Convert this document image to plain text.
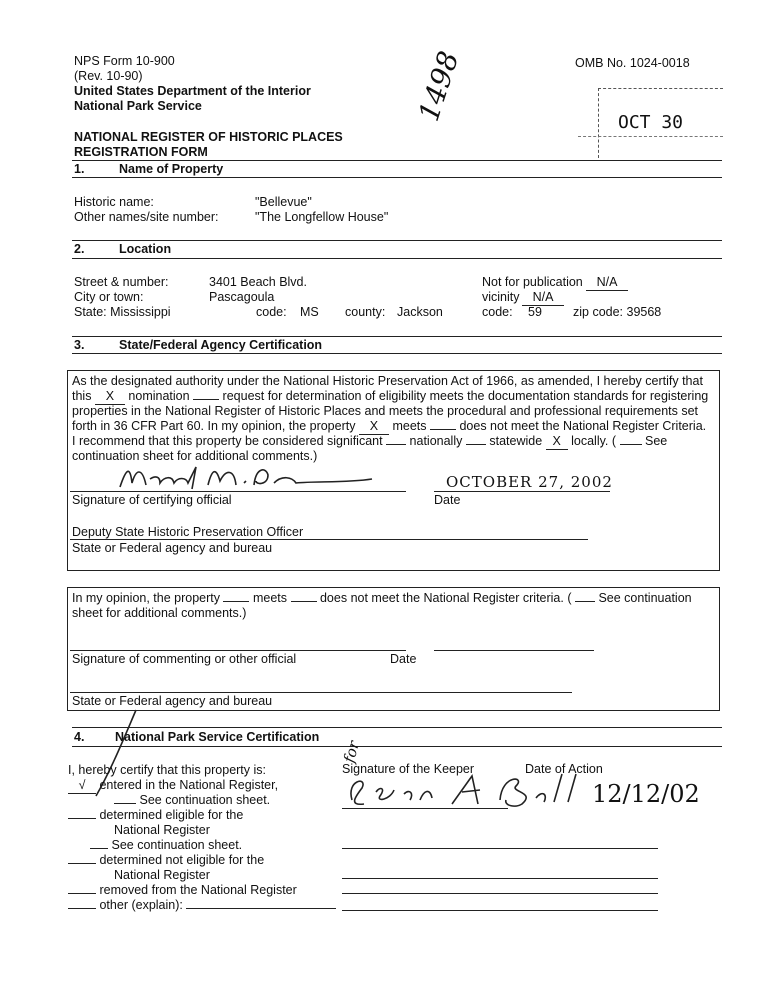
NPS Form 10-900
(Rev. 10-90)
United States Department of the Interior
National Park Service
OMB No. 1024-0018
1498	OCT 30
NATIONAL REGISTER OF HISTORIC PLACES
REGISTRATION FORM
1.	Name of Property
Historic name:	"Bellevue"
Other names/site number:	"The Longfellow House"
2.	Location
Street & number:	3401 Beach Blvd.
City or town:	Pascagoula
State: Mississippi	code: MS county: Jackson
Not for publication	N/A
vicinity	N/A
code: 59 zip code: 39568
3.	State/Federal Agency Certification
As the designated authority under the National Historic Preservation Act of 1966, as amended, I hereby certify that
this X nomination	request for determination of eligibility meets the documentation standards for registering
properties in the National Register of Historic Places and meets the procedural and professional requirements set
forth in 36 CFR Part 60. In my opinion, the property X meets	does not meet the National Register Criteria.
I recommend that this property be considered significant nationally statewide X locally. ( See
continuation sheet for additional comments.)
OCTOBER 27, 2002
Signature of certifying official	Date
Deputy State Historic Preservation Officer
State or Federal agency and bureau
In my opinion, the property	meets	does not meet the National Register criteria. ( See continuation
sheet for additional comments.)
Signature of commenting or other official	Date
State or Federal agency and bureau
4. National Park Service Certification
I, hereby certify that this property is:
√ entered in the National Register,
See continuation sheet.
determined eligible for the
National Register
See continuation sheet.
determined not eligible for the
National Register
removed from the National Register
other (explain):
Signature of the Keeper	Date of Action
for
12/12/02
